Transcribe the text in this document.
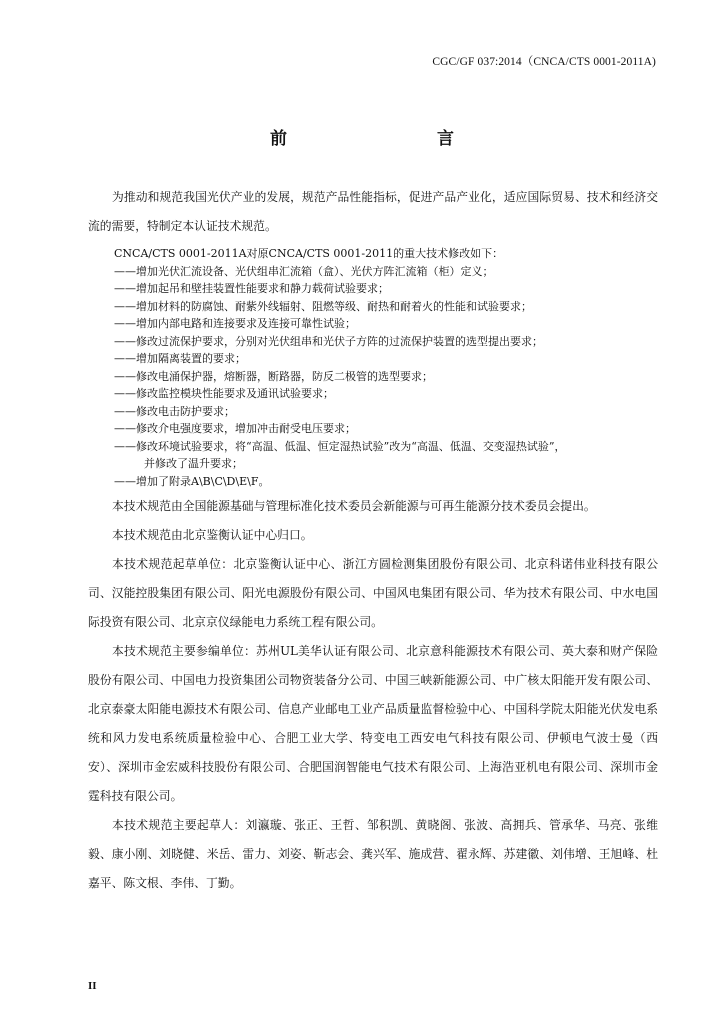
CGC/GF 037:2014（CNCA/CTS 0001-2011A)
前 言

为推动和规范我国光伏产业的发展，规范产品性能指标，促进产品产业化，适应国际贸易、技术和经济交流的需要，特制定本认证技术规范。

CNCA/CTS 0001-2011A对原CNCA/CTS 0001-2011的重大技术修改如下：

——增加光伏汇流设备、光伏组串汇流箱（盒）、光伏方阵汇流箱（柜）定义；

——增加起吊和壁挂装置性能要求和静力载荷试验要求；

——增加材料的防腐蚀、耐紫外线辐射、阻燃等级、耐热和耐着火的性能和试验要求；

——增加内部电路和连接要求及连接可靠性试验；

——修改过流保护要求，分别对光伏组串和光伏子方阵的过流保护装置的选型提出要求；

——增加隔离装置的要求；

——修改电涌保护器，熔断器，断路器，防反二极管的选型要求；

——修改监控模块性能要求及通讯试验要求；

——修改电击防护要求；

——修改介电强度要求，增加冲击耐受电压要求；

——修改环境试验要求，将“高温、低温、恒定湿热试验”改为“高温、低温、交变湿热试验”，

并修改了温升要求；

——增加了附录A\B\C\D\E\F。

本技术规范由全国能源基础与管理标准化技术委员会新能源与可再生能源分技术委员会提出。

本技术规范由北京鉴衡认证中心归口。

本技术规范起草单位：北京鉴衡认证中心、浙江方圆检测集团股份有限公司、北京科诺伟业科技有限公司、汉能控股集团有限公司、阳光电源股份有限公司、中国风电集团有限公司、华为技术有限公司、中水电国际投资有限公司、北京京仪绿能电力系统工程有限公司。

本技术规范主要参编单位：苏州UL美华认证有限公司、北京意科能源技术有限公司、英大泰和财产保险股份有限公司、中国电力投资集团公司物资装备分公司、中国三峡新能源公司、中广核太阳能开发有限公司、北京泰豪太阳能电源技术有限公司、信息产业邮电工业产品质量监督检验中心、中国科学院太阳能光伏发电系统和风力发电系统质量检验中心、合肥工业大学、特变电工西安电气科技有限公司、伊顿电气波士曼（西安）、深圳市金宏威科技股份有限公司、合肥国润智能电气技术有限公司、上海浩亚机电有限公司、深圳市金霆科技有限公司。

本技术规范主要起草人：刘瀛璇、张正、王哲、邹积凯、黄晓阁、张波、高拥兵、管承华、马亮、张维毅、康小刚、刘晓健、米岳、雷力、刘姿、靳志会、龚兴军、施成营、翟永辉、苏建徽、刘伟增、王旭峰、杜嘉平、陈文根、李伟、丁勤。

II
